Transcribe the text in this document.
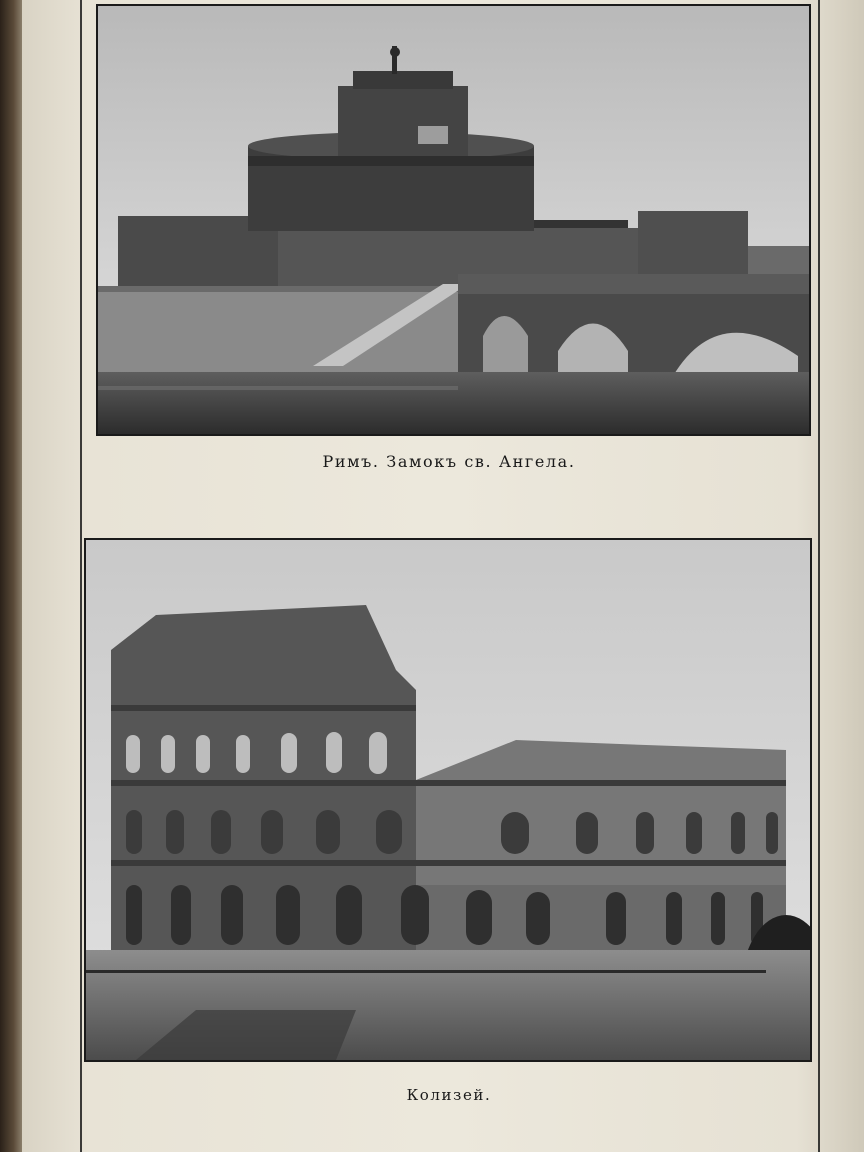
Римъ. Замокъ св. Ангела.
Колизей.
